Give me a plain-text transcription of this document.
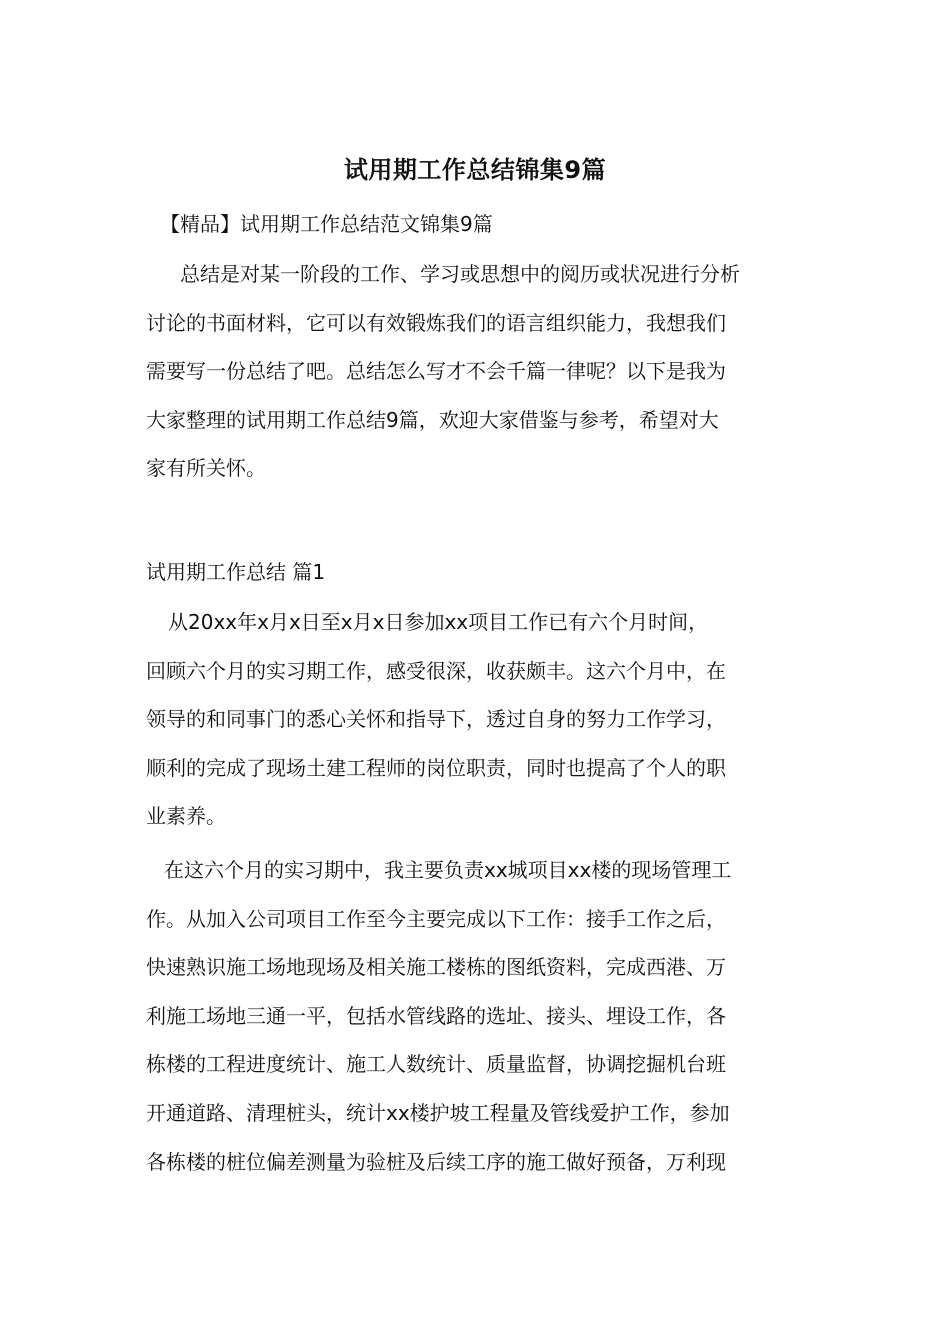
试用期工作总结锦集9篇
【精品】试用期工作总结范文锦集9篇
总结是对某一阶段的工作、学习或思想中的阅历或状况进行分析
讨论的书面材料，它可以有效锻炼我们的语言组织能力，我想我们
需要写一份总结了吧。总结怎么写才不会千篇一律呢？以下是我为
大家整理的试用期工作总结9篇，欢迎大家借鉴与参考，希望对大
家有所关怀。
试用期工作总结 篇1
从20xx年x月x日至x月x日参加xx项目工作已有六个月时间，
回顾六个月的实习期工作，感受很深，收获颇丰。这六个月中，在
领导的和同事门的悉心关怀和指导下，透过自身的努力工作学习，
顺利的完成了现场土建工程师的岗位职责，同时也提高了个人的职
业素养。
在这六个月的实习期中，我主要负责xx城项目xx楼的现场管理工
作。从加入公司项目工作至今主要完成以下工作：接手工作之后，
快速熟识施工场地现场及相关施工楼栋的图纸资料，完成西港、万
利施工场地三通一平，包括水管线路的选址、接头、埋设工作，各
栋楼的工程进度统计、施工人数统计、质量监督，协调挖掘机台班
开通道路、清理桩头，统计xx楼护坡工程量及管线爱护工作，参加
各栋楼的桩位偏差测量为验桩及后续工序的施工做好预备，万利现
